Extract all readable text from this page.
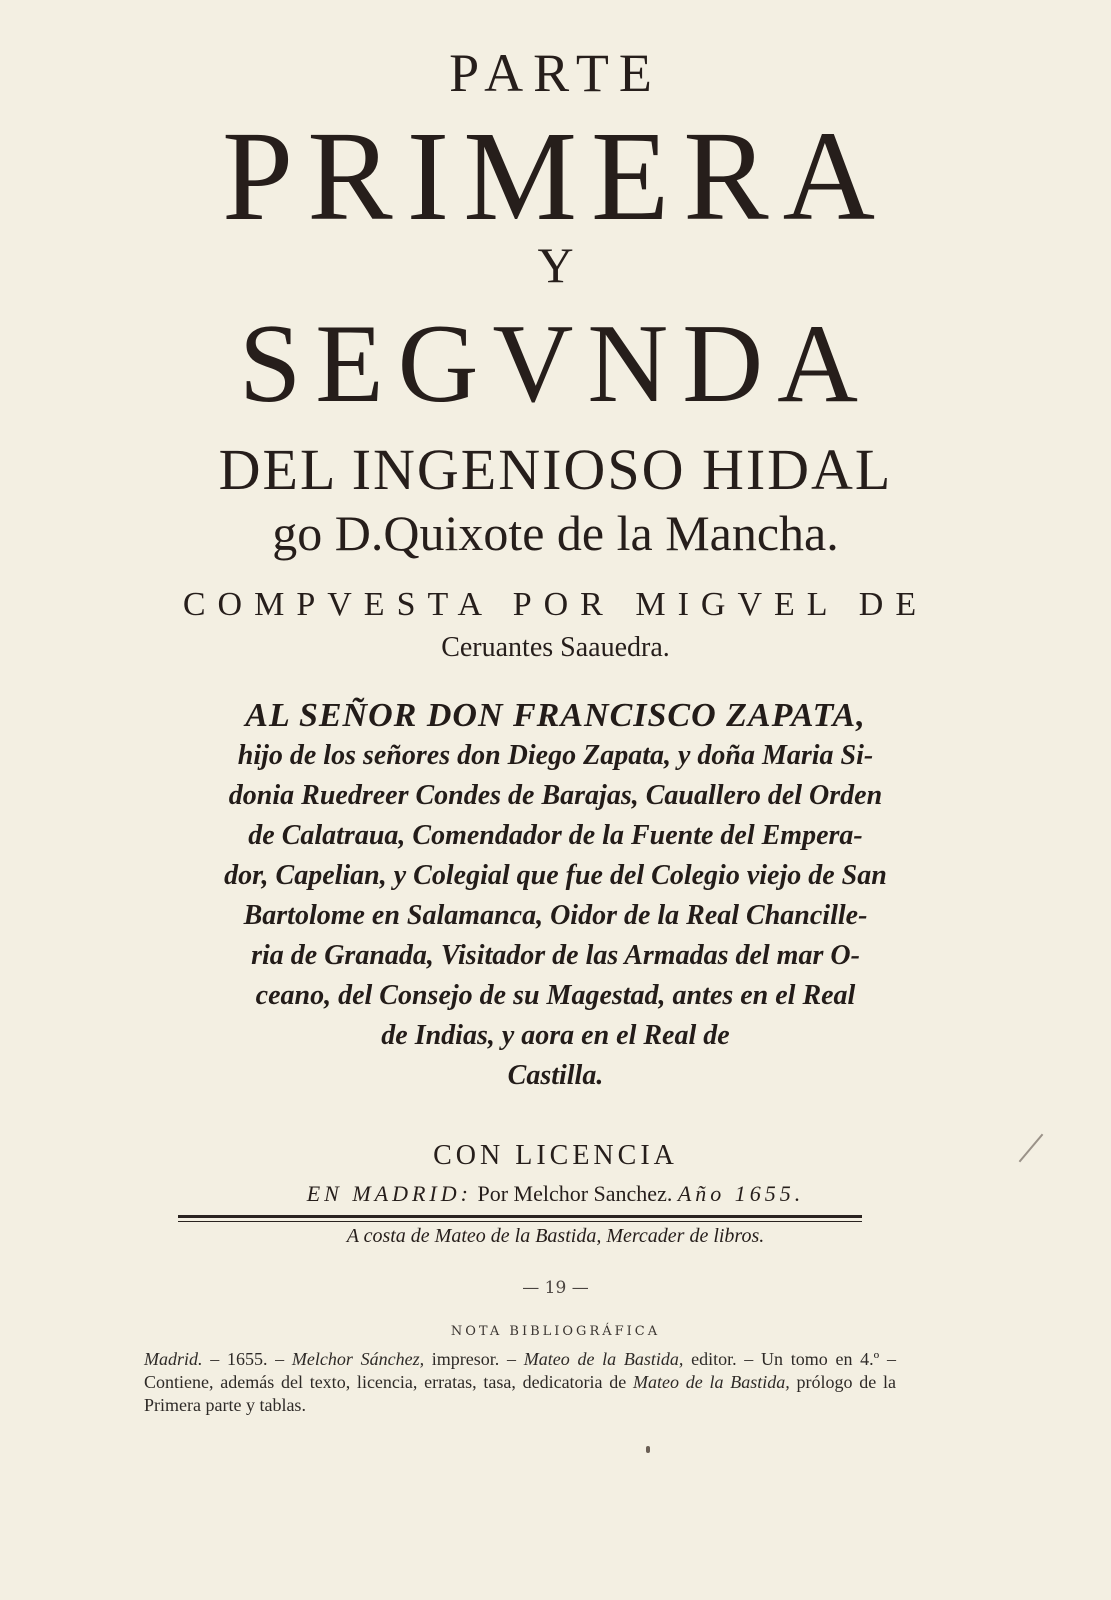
PARTE
PRIMERA
Y
SEGVNDA
DEL INGENIOSO HIDAL
go D.Quixote de la Mancha.
COMPVESTA POR MIGVEL DE
Ceruantes Saauedra.
AL SEÑOR DON FRANCISCO ZAPATA,
hijo de los señores don Diego Zapata, y doña Maria Si-
donia Ruedreer Condes de Barajas, Cauallero del Orden
de Calatraua, Comendador de la Fuente del Empera-
dor, Capelian, y Colegial que fue del Colegio viejo de San
Bartolome en Salamanca, Oidor de la Real Chancille-
ria de Granada, Visitador de las Armadas del mar O-
ceano, del Consejo de su Magestad, antes en el Real
de Indias, y aora en el Real de
Castilla.
CON LICENCIA
EN MADRID: Por Melchor Sanchez. Año 1655.
A costa de Mateo de la Bastida, Mercader de libros.
— 19 —
NOTA BIBLIOGRÁFICA
Madrid. – 1655. – Melchor Sánchez, impresor. – Mateo de la Bastida, editor. – Un tomo en 4.º – Contiene, además del texto, licencia, erratas, tasa, dedicatoria de Mateo de la Bastida, prólogo de la Primera parte y tablas.
